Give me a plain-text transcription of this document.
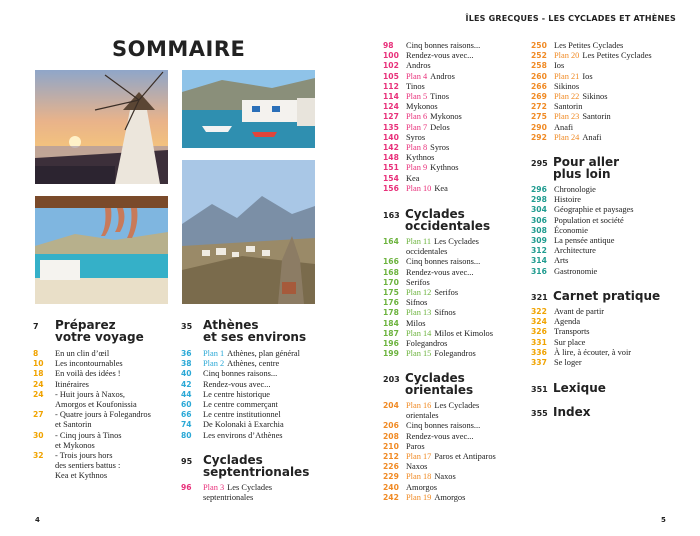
ÎLES GRECQUES - LES CYCLADES ET ATHÈNES
SOMMAIRE
7	Préparez
votre voyage
8	En un clin d’œil
10	Les incontournables
18	En voilà des idées !
24	Itinéraires
24	- Huit jours à Naxos,
Amorgos et Koufonissia
27	- Quatre jours à Folegandros
et Santorin
30	- Cinq jours à Tinos
et Mykonos
32	- Trois jours hors
des sentiers battus :
Kea et Kythnos
35 Athènes
et ses environs
36	Plan 1 Athènes, plan général
38	Plan 2 Athènes, centre
40	Cinq bonnes raisons...
42	Rendez-vous avec...
44	Le centre historique
60	Le centre commerçant
66	Le centre institutionnel
74	De Kolonaki à Exarchia
80	Les environs d’Athènes
95 Cyclades
septentrionales
96	Plan 3 Les Cyclades
septentrionales
98	Cinq bonnes raisons...
100 Rendez-vous avec...
102 Andros
105 Plan 4 Andros
112 Tinos
114 Plan 5 Tinos
124 Mykonos
127 Plan 6 Mykonos
135 Plan 7 Delos
140 Syros
142 Plan 8 Syros
148 Kythnos
151 Plan 9 Kythnos
154 Kea
156 Plan 10 Kea
163 Cyclades
occidentales
164 Plan 11 Les Cyclades
occidentales
166 Cinq bonnes raisons...
168 Rendez-vous avec...
170 Serifos
175 Plan 12 Serifos
176 Sifnos
178 Plan 13 Sifnos
184 Milos
187 Plan 14 Milos et Kimolos
196 Folegandros
199 Plan 15 Folegandros
203 Cyclades
orientales
204 Plan 16 Les Cyclades
orientales
206 Cinq bonnes raisons...
208 Rendez-vous avec...
210 Paros
212 Plan 17 Paros et Antiparos
226 Naxos
229 Plan 18 Naxos
240 Amorgos
242 Plan 19 Amorgos
250 Les Petites Cyclades
252 Plan 20 Les Petites Cyclades
258 Ios
260 Plan 21 Ios
266 Sikinos
269 Plan 22 Sikinos
272 Santorin
275 Plan 23 Santorin
290 Anafi
292 Plan 24 Anafi
295 Pour aller
plus loin
296 Chronologie
298 Histoire
304 Géographie et paysages
306 Population et société
308 Économie
309 La pensée antique
312 Architecture
314 Arts
316 Gastronomie
321 Carnet pratique
322 Avant de partir
324 Agenda
326 Transports
331 Sur place
336 À lire, à écouter, à voir
337 Se loger
351 Lexique
355 Index
4	5
